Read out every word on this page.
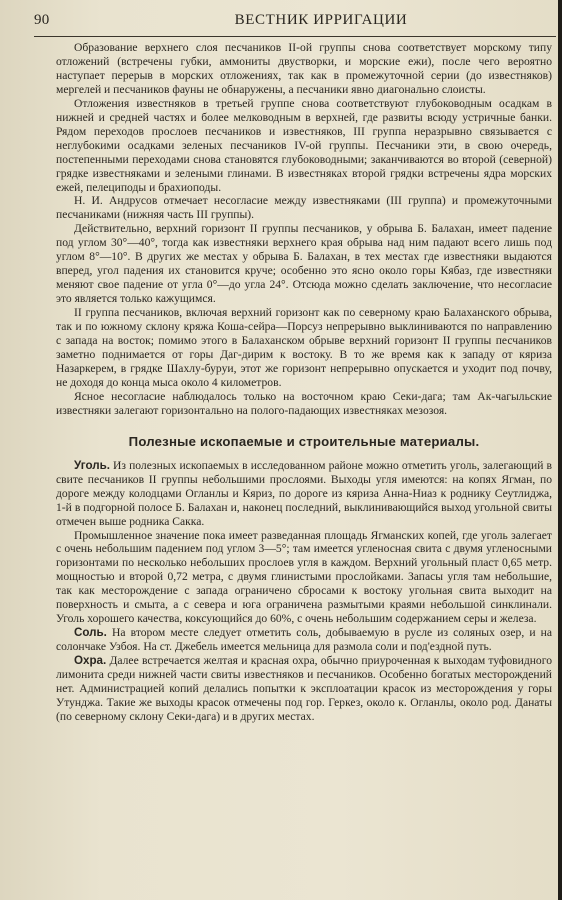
90	ВЕСТНИК ИРРИГАЦИИ

Образование верхнего слоя песчаников II-ой группы снова соответствует морскому типу отложений (встречены губки, аммониты двустворки, и морские ежи), после чего вероятно наступает перерыв в морских отложениях, так как в промежуточной серии (до известняков) мергелей и песчаников фауны не обнаружены, а песчаники явно диагонально слоисты.

Отложения известняков в третьей группе снова соответствуют глубоководным осадкам в нижней и средней частях и более мелководным в верхней, где развиты всюду устричные банки. Рядом переходов прослоев песчаников и известняков, III группа неразрывно связывается с неглубокими осадками зеленых песчаников IV-ой группы. Песчаники эти, в свою очередь, постепенными переходами снова становятся глубоководными; заканчиваются во второй (северной) грядке известняками и зелеными глинами. В известняках второй грядки встречены ядра морских ежей, пелециподы и брахиоподы.

Н. И. Андрусов отмечает несогласие между известняками (III группа) и промежуточными песчаниками (нижняя часть III группы).

Действительно, верхний горизонт II группы песчаников, у обрыва Б. Балахан, имеет падение под углом 30°—40°, тогда как известняки верхнего края обрыва над ним падают всего лишь под углом 8°—10°. В других же местах у обрыва Б. Балахан, в тех местах где известняки выдаются вперед, угол падения их становится круче; особенно это ясно около горы Кябаз, где известняки меняют свое падение от угла 0°—до угла 24°. Отсюда можно сделать заключение, что несогласие это является только кажущимся.

II группа песчаников, включая верхний горизонт как по северному краю Балаханского обрыва, так и по южному склону кряжа Коша-сейра—Порсуз непрерывно выклиниваются по направлению с запада на восток; помимо этого в Балаханском обрыве верхний горизонт II группы песчаников заметно поднимается от горы Даг-дирим к востоку. В то же время как к западу от кяриза Назаркерем, в грядке Шахлу-буруи, этот же горизонт непрерывно опускается и уходит под почву, не доходя до конца мыса около 4 километров.

Ясное несогласие наблюдалось только на восточном краю Секи-дага; там Ак-чагыльские известняки залегают горизонтально на полого-падающих известняках мезозоя.

Полезные ископаемые и строительные материалы.

Уголь. Из полезных ископаемых в исследованном районе можно отметить уголь, залегающий в свите песчаников II группы небольшими прослоями. Выходы угля имеются: на копях Ягман, по дороге между колодцами Огланлы и Кяриз, по дороге из кяриза Анна-Ниаз к роднику Сеутлиджа, 1-й в подгорной полосе Б. Балахан и, наконец последний, выклинивающийся выход угольной свиты отмечен выше родника Сакка.

Промышленное значение пока имеет разведанная площадь Ягманских копей, где уголь залегает с очень небольшим падением под углом 3—5°; там имеется угленосная свита с двумя угленосными горизонтами по несколько небольших прослоев угля в каждом. Верхний угольный пласт 0,65 метр. мощностью и второй 0,72 метра, с двумя глинистыми прослойками. Запасы угля там небольшие, так как месторождение с запада ограничено сбросами к востоку угольная свита выходит на поверхность и смыта, а с севера и юга ограничена размытыми краями небольшой синклинали. Уголь хорошего качества, коксующийся до 60%, с очень небольшим содержанием серы и железа.

Соль. На втором месте следует отметить соль, добываемую в русле из соляных озер, и на солончаке Узбоя. На ст. Джебель имеется мельница для размола соли и под'ездной путь.

Охра. Далее встречается желтая и красная охра, обычно приуроченная к выходам туфовидного лимонита среди нижней части свиты известняков и песчаников. Особенно богатых месторождений нет. Администрацией копий делались попытки к эксплоатации красок из месторождения у горы Утунджа. Такие же выходы красок отмечены под гор. Геркез, около к. Огланлы, около род. Данаты (по северному склону Секи-дага) и в других местах.
